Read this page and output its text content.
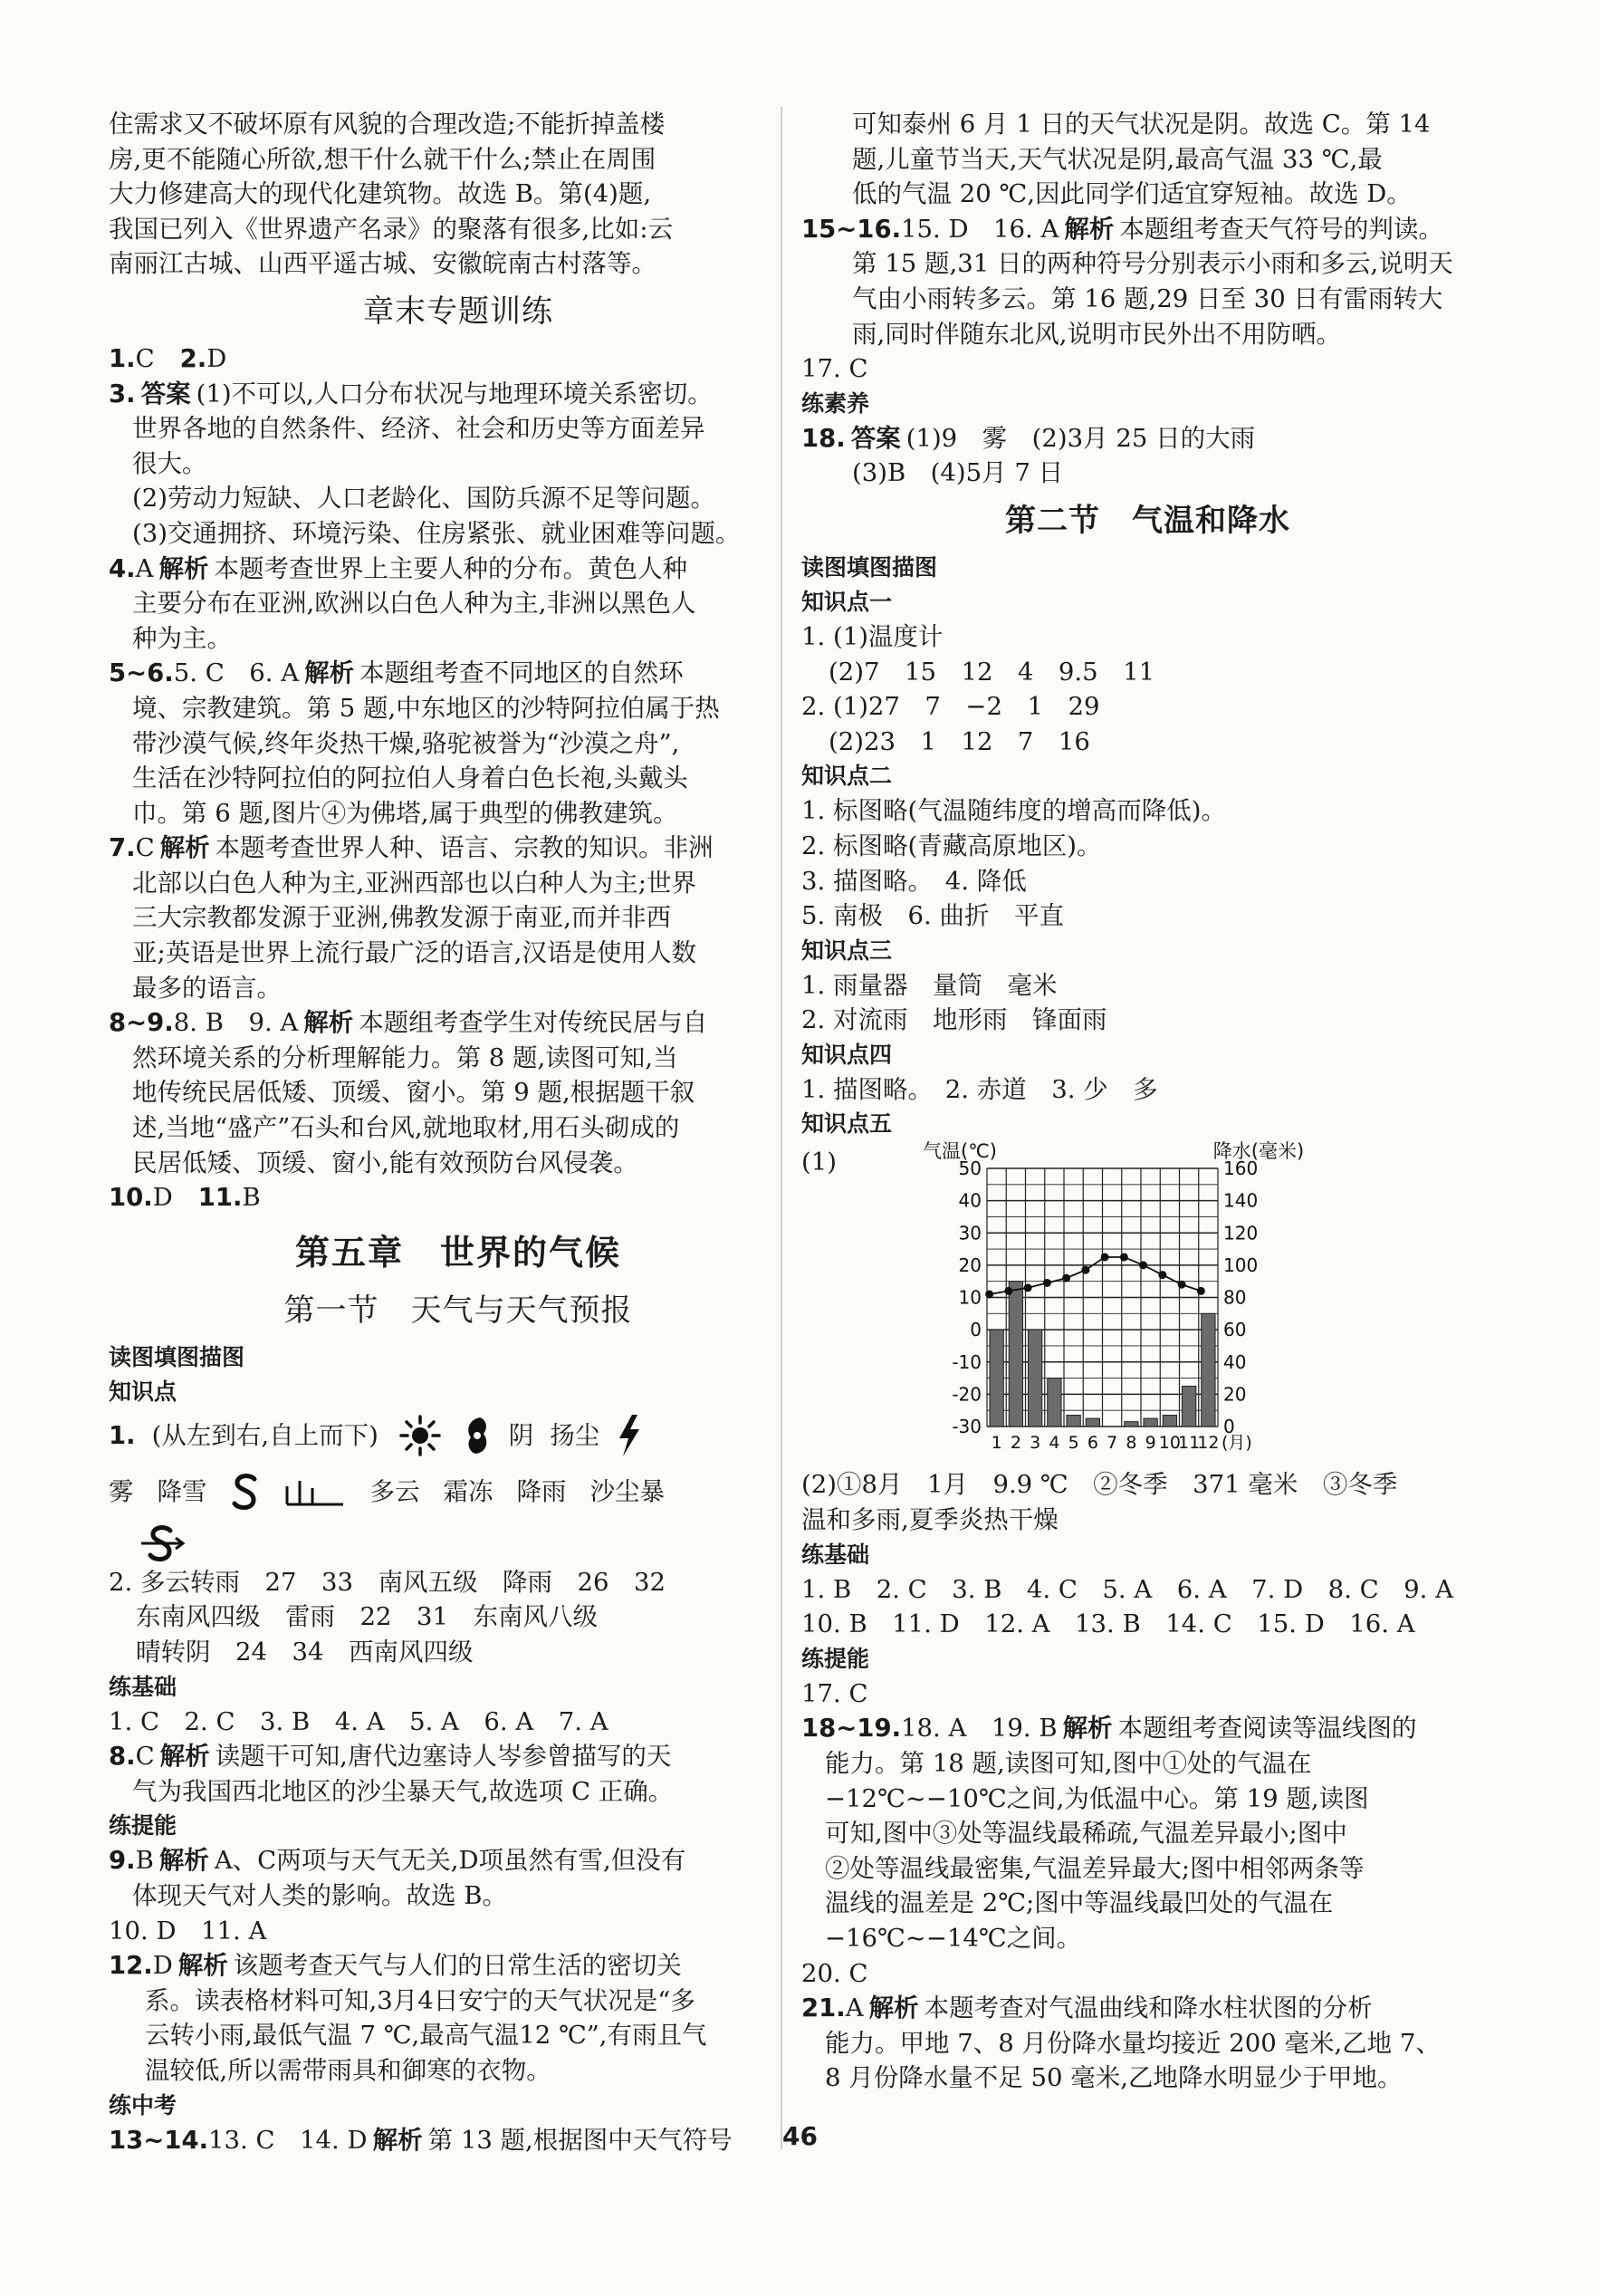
住需求又不破坏原有风貌的合理改造;不能折掉盖楼

房,更不能随心所欲,想干什么就干什么;禁止在周围

大力修建高大的现代化建筑物。故选 B。第(4)题,

我国已列入《世界遗产名录》的聚落有很多,比如:云

南丽江古城、山西平遥古城、安徽皖南古村落等。

章末专题训练

1.C 2.D

3. 答案 (1)不可以,人口分布状况与地理环境关系密切。

世界各地的自然条件、经济、社会和历史等方面差异

很大。

(2)劳动力短缺、人口老龄化、国防兵源不足等问题。

(3)交通拥挤、环境污染、住房紧张、就业困难等问题。

4.A 解析 本题考查世界上主要人种的分布。黄色人种

主要分布在亚洲,欧洲以白色人种为主,非洲以黑色人

种为主。

5~6.5. C　6. A 解析 本题组考查不同地区的自然环

境、宗教建筑。第 5 题,中东地区的沙特阿拉伯属于热

带沙漠气候,终年炎热干燥,骆驼被誉为“沙漠之舟”,

生活在沙特阿拉伯的阿拉伯人身着白色长袍,头戴头

巾。第 6 题,图片④为佛塔,属于典型的佛教建筑。

7.C 解析 本题考查世界人种、语言、宗教的知识。非洲

北部以白色人种为主,亚洲西部也以白种人为主;世界

三大宗教都发源于亚洲,佛教发源于南亚,而并非西

亚;英语是世界上流行最广泛的语言,汉语是使用人数

最多的语言。

8~9.8. B　9. A 解析 本题组考查学生对传统民居与自

然环境关系的分析理解能力。第 8 题,读图可知,当

地传统民居低矮、顶缓、窗小。第 9 题,根据题干叙

述,当地“盛产”石头和台风,就地取材,用石头砌成的

民居低矮、顶缓、窗小,能有效预防台风侵袭。

10.D 11.B

第五章　世界的气候
第一节　天气与天气预报
读图填图描图
知识点
1. (从左到右,自上而下)	阴 扬尘
雾 降雪	多云 霜冻 降雨 沙尘暴

2. 多云转雨　27　33　南风五级　降雨　26　32

东南风四级　雷雨　22　31　东南风八级

晴转阴　24　34　西南风四级

练基础

1. C　2. C　3. B　4. A　5. A　6. A　7. A

8.C 解析 读题干可知,唐代边塞诗人岑参曾描写的天

气为我国西北地区的沙尘暴天气,故选项 C 正确。

练提能

9.B 解析 A、C两项与天气无关,D项虽然有雪,但没有

体现天气对人类的影响。故选 B。

10. D　11. A

12.D 解析 该题考查天气与人们的日常生活的密切关

系。读表格材料可知,3月4日安宁的天气状况是“多

云转小雨,最低气温 7 ℃,最高气温12 ℃”,有雨且气

温较低,所以需带雨具和御寒的衣物。

练中考

13~14.13. C　14. D 解析 第 13 题,根据图中天气符号

可知泰州 6 月 1 日的天气状况是阴。故选 C。第 14

题,儿童节当天,天气状况是阴,最高气温 33 ℃,最

低的气温 20 ℃,因此同学们适宜穿短袖。故选 D。

15~16.15. D　16. A 解析 本题组考查天气符号的判读。

第 15 题,31 日的两种符号分别表示小雨和多云,说明天

气由小雨转多云。第 16 题,29 日至 30 日有雷雨转大

雨,同时伴随东北风,说明市民外出不用防晒。

17. C

练素养

18. 答案 (1)9　雾　(2)3月 25 日的大雨

(3)B　(4)5月 7 日

第二节　气温和降水
读图填图描图
知识点一

1. (1)温度计

(2)7　15　12　4　9.5　11

2. (1)27　7　−2　1　29

(2)23　1　12　7　16

知识点二

1. 标图略(气温随纬度的增高而降低)。

2. 标图略(青藏高原地区)。

3. 描图略。　4. 降低

5. 南极　6. 曲折　平直

知识点三

1. 雨量器　量筒　毫米

2. 对流雨　地形雨　锋面雨

知识点四

1. 描图略。　2. 赤道　3. 少　多

知识点五
(1)	气温(℃)	降水(毫米)
50
40
30
20
10
0
-10
-20
-30
160
140
120
100
80
60
40
20
0
1 2 3 4 5 6 7 8 9 10
11
12 (月)

(2)①8月　1月　9.9 ℃　②冬季　371 毫米　③冬季

温和多雨,夏季炎热干燥

练基础

1. B　2. C　3. B　4. C　5. A　6. A　7. D　8. C　9. A

10. B　11. D　12. A　13. B　14. C　15. D　16. A

练提能

17. C

18~19.18. A　19. B 解析 本题组考查阅读等温线图的

能力。第 18 题,读图可知,图中①处的气温在

−12℃~−10℃之间,为低温中心。第 19 题,读图

可知,图中③处等温线最稀疏,气温差异最小;图中

②处等温线最密集,气温差异最大;图中相邻两条等

温线的温差是 2℃;图中等温线最凹处的气温在

−16℃~−14℃之间。

20. C

21.A 解析 本题考查对气温曲线和降水柱状图的分析

能力。甲地 7、8 月份降水量均接近 200 毫米,乙地 7、

8 月份降水量不足 50 毫米,乙地降水明显少于甲地。

46
